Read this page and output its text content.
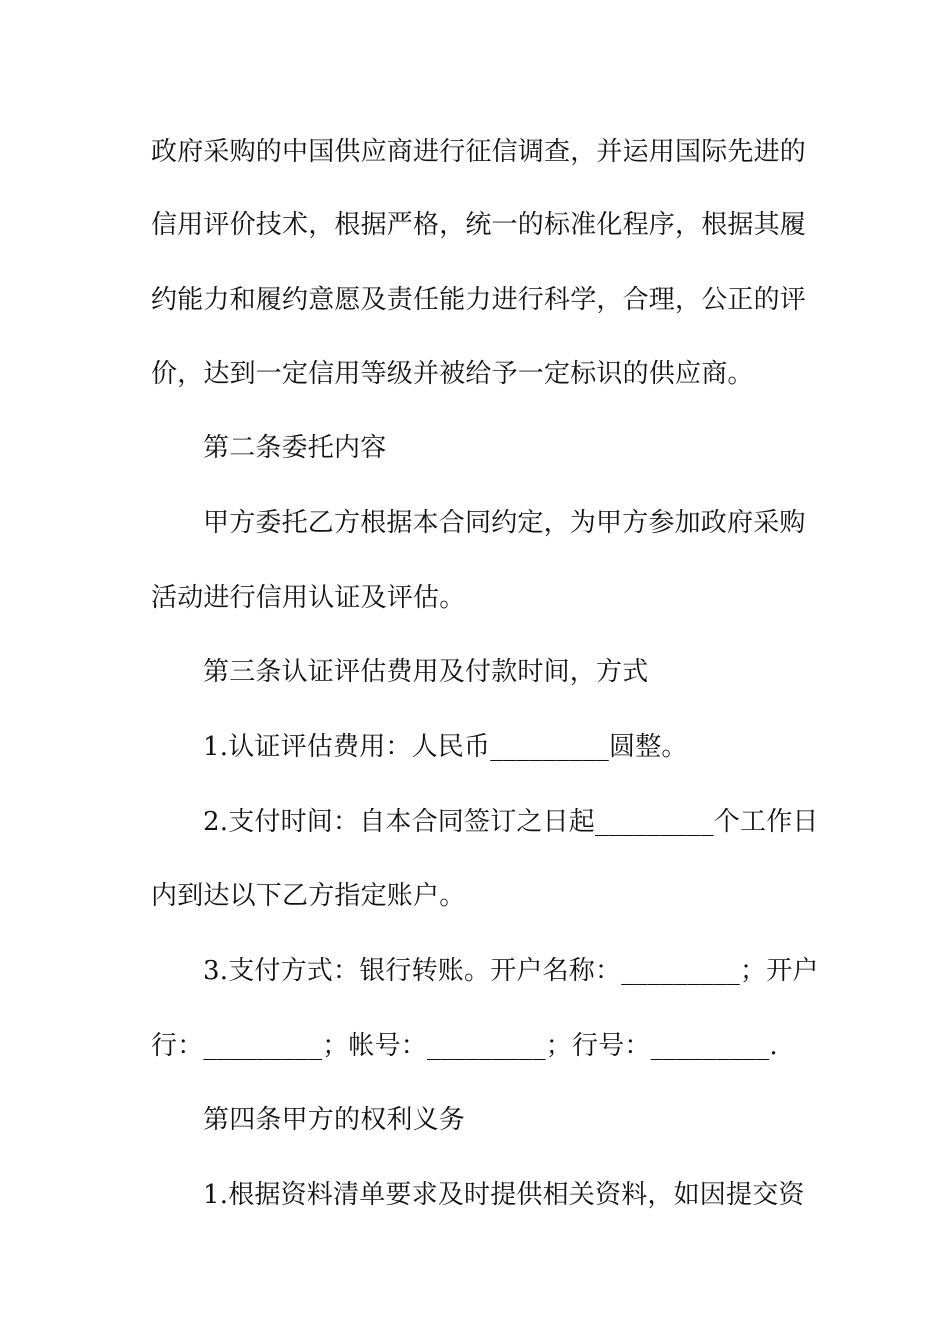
政府采购的中国供应商进行征信调查，并运用国际先进的
信用评价技术，根据严格，统一的标准化程序，根据其履
约能力和履约意愿及责任能力进行科学，合理，公正的评
价，达到一定信用等级并被给予一定标识的供应商。
第二条委托内容
甲方委托乙方根据本合同约定，为甲方参加政府采购
活动进行信用认证及评估。
第三条认证评估费用及付款时间，方式
1.认证评估费用：人民币_________圆整。
2.支付时间：自本合同签订之日起_________个工作日
内到达以下乙方指定账户。
3.支付方式：银行转账。开户名称：_________；开户
行：_________；帐号：_________；行号：_________.
第四条甲方的权利义务
1.根据资料清单要求及时提供相关资料，如因提交资
